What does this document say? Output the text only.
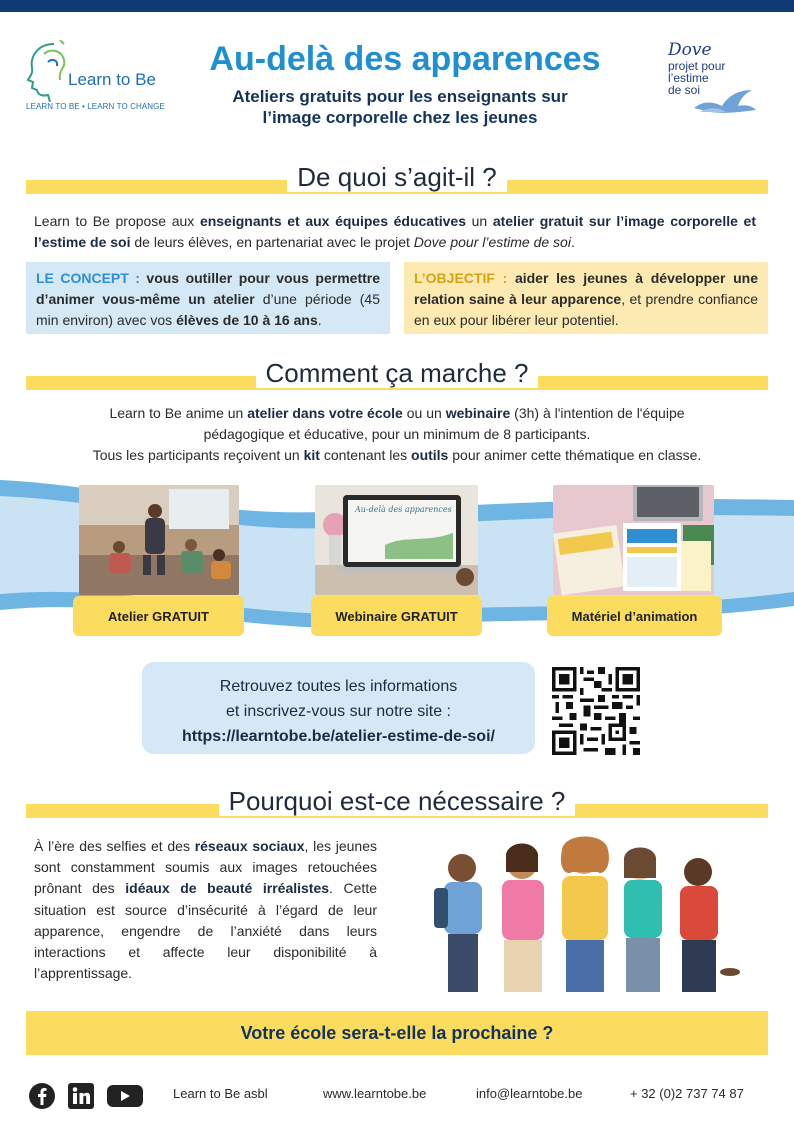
Learn to Be
LEARN TO BE • LEARN TO CHANGE
Au-delà des apparences
Ateliers gratuits pour les enseignants sur
l’image corporelle chez les jeunes
Dove
projet pour
l’estime
de soi
De quoi s’agit-il ?
Learn to Be propose aux enseignants et aux équipes éducatives un atelier gratuit sur l’image corporelle et l’estime de soi de leurs élèves, en partenariat avec le projet Dove pour l’estime de soi.
LE CONCEPT : vous outiller pour vous permettre d’animer vous-même un atelier d’une période (45 min environ) avec vos élèves de 10 à 16 ans.
L’OBJECTIF : aider les jeunes à développer une relation saine à leur apparence, et prendre confiance en eux pour libérer leur potentiel.
Comment ça marche ?
Learn to Be anime un atelier dans votre école ou un webinaire (3h) à l'intention de l'équipe pédagogique et éducative, pour un minimum de 8 participants.
Tous les participants reçoivent un kit contenant les outils pour animer cette thématique en classe.
Au-delà des apparences
Atelier GRATUIT	Webinaire GRATUIT	Matériel d’animation
Retrouvez toutes les informations
et inscrivez-vous sur notre site :
https://learntobe.be/atelier-estime-de-soi/
Pourquoi est-ce nécessaire ?
À l’ère des selfies et des réseaux sociaux, les jeunes sont constamment soumis aux images retouchées prônant des idéaux de beauté irréalistes. Cette situation est source d’insécurité à l’égard de leur apparence, engendre de l’anxiété dans leurs interactions et affecte leur disponibilité à l’apprentissage.
Votre école sera-t-elle la prochaine ?
Learn to Be asbl	www.learntobe.be	info@learntobe.be	+ 32 (0)2 737 74 87
